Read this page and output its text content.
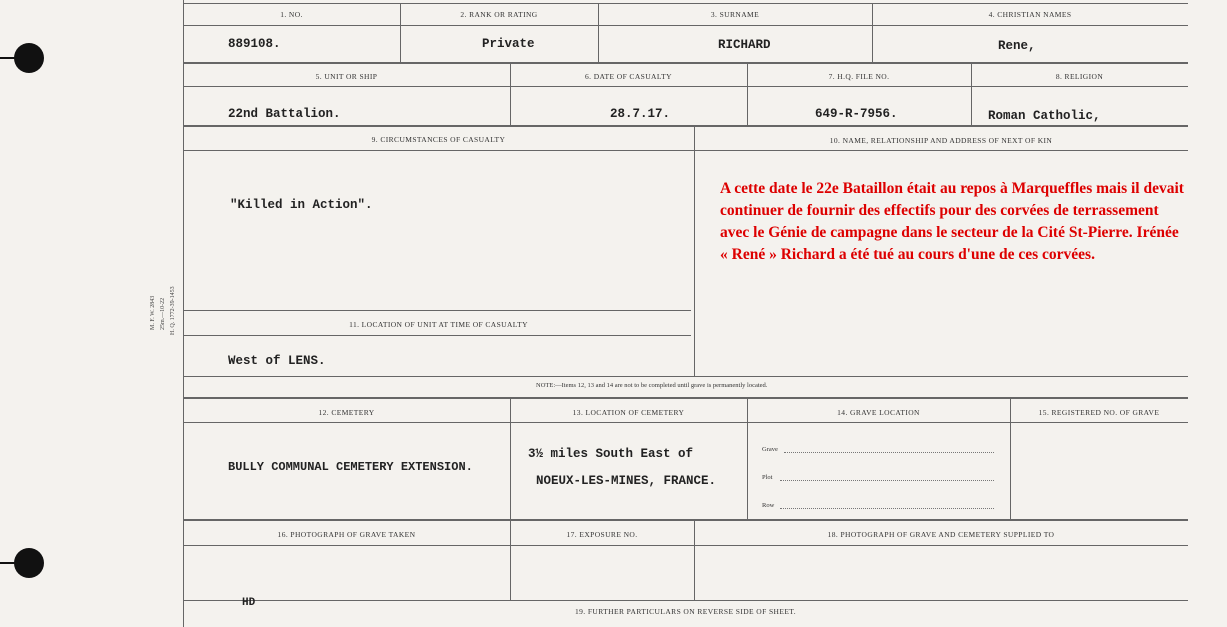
M. F. W. 2843 25m.—10-22 H. Q. 1772-39-1453
1. NO.	2. RANK OR RATING	3. SURNAME	4. CHRISTIAN NAMES
889108.	Private	RICHARD	Rene,
5. UNIT OR SHIP	6. DATE OF CASUALTY	7. H.Q. FILE NO.	8. RELIGION
22nd Battalion.	28.7.17.	649-R-7956.	Roman Catholic,
9. CIRCUMSTANCES OF CASUALTY	10. NAME, RELATIONSHIP AND ADDRESS OF NEXT OF KIN
"Killed in Action".
A cette date le 22e Bataillon était au repos à Marqueffles mais il devait continuer de fournir des effectifs pour des corvées de terrassement avec le Génie de campagne dans le secteur de la Cité St-Pierre. Irénée « René » Richard a été tué au cours d'une de ces corvées.
11. LOCATION OF UNIT AT TIME OF CASUALTY
West of LENS.
NOTE:—Items 12, 13 and 14 are not to be completed until grave is permanently located.
12. CEMETERY	13. LOCATION OF CEMETERY	14. GRAVE LOCATION	15. REGISTERED NO. OF GRAVE
BULLY COMMUNAL CEMETERY EXTENSION.
3½ miles South East of
NOEUX-LES-MINES, FRANCE.
Grave
Plot
Row
16. PHOTOGRAPH OF GRAVE TAKEN	17. EXPOSURE NO.	18. PHOTOGRAPH OF GRAVE AND CEMETERY SUPPLIED TO
HD
19. FURTHER PARTICULARS ON REVERSE SIDE OF SHEET.
